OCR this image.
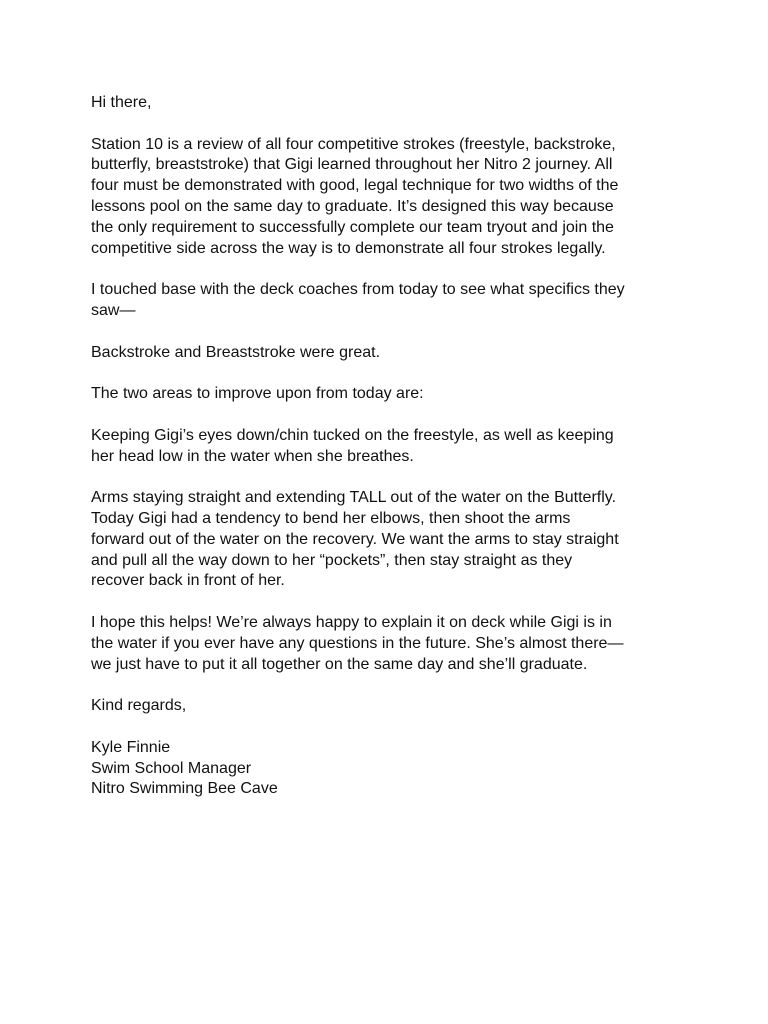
Hi there,

Station 10 is a review of all four competitive strokes (freestyle, backstroke,
butterfly, breaststroke) that Gigi learned throughout her Nitro 2 journey. All
four must be demonstrated with good, legal technique for two widths of the
lessons pool on the same day to graduate. It’s designed this way because
the only requirement to successfully complete our team tryout and join the
competitive side across the way is to demonstrate all four strokes legally.

I touched base with the deck coaches from today to see what specifics they
saw—

Backstroke and Breaststroke were great.

The two areas to improve upon from today are:

Keeping Gigi’s eyes down/chin tucked on the freestyle, as well as keeping
her head low in the water when she breathes.

Arms staying straight and extending TALL out of the water on the Butterfly.
Today Gigi had a tendency to bend her elbows, then shoot the arms
forward out of the water on the recovery. We want the arms to stay straight
and pull all the way down to her “pockets”, then stay straight as they
recover back in front of her.

I hope this helps! We’re always happy to explain it on deck while Gigi is in
the water if you ever have any questions in the future. She’s almost there—
we just have to put it all together on the same day and she’ll graduate.

Kind regards,

Kyle Finnie
Swim School Manager
Nitro Swimming Bee Cave
